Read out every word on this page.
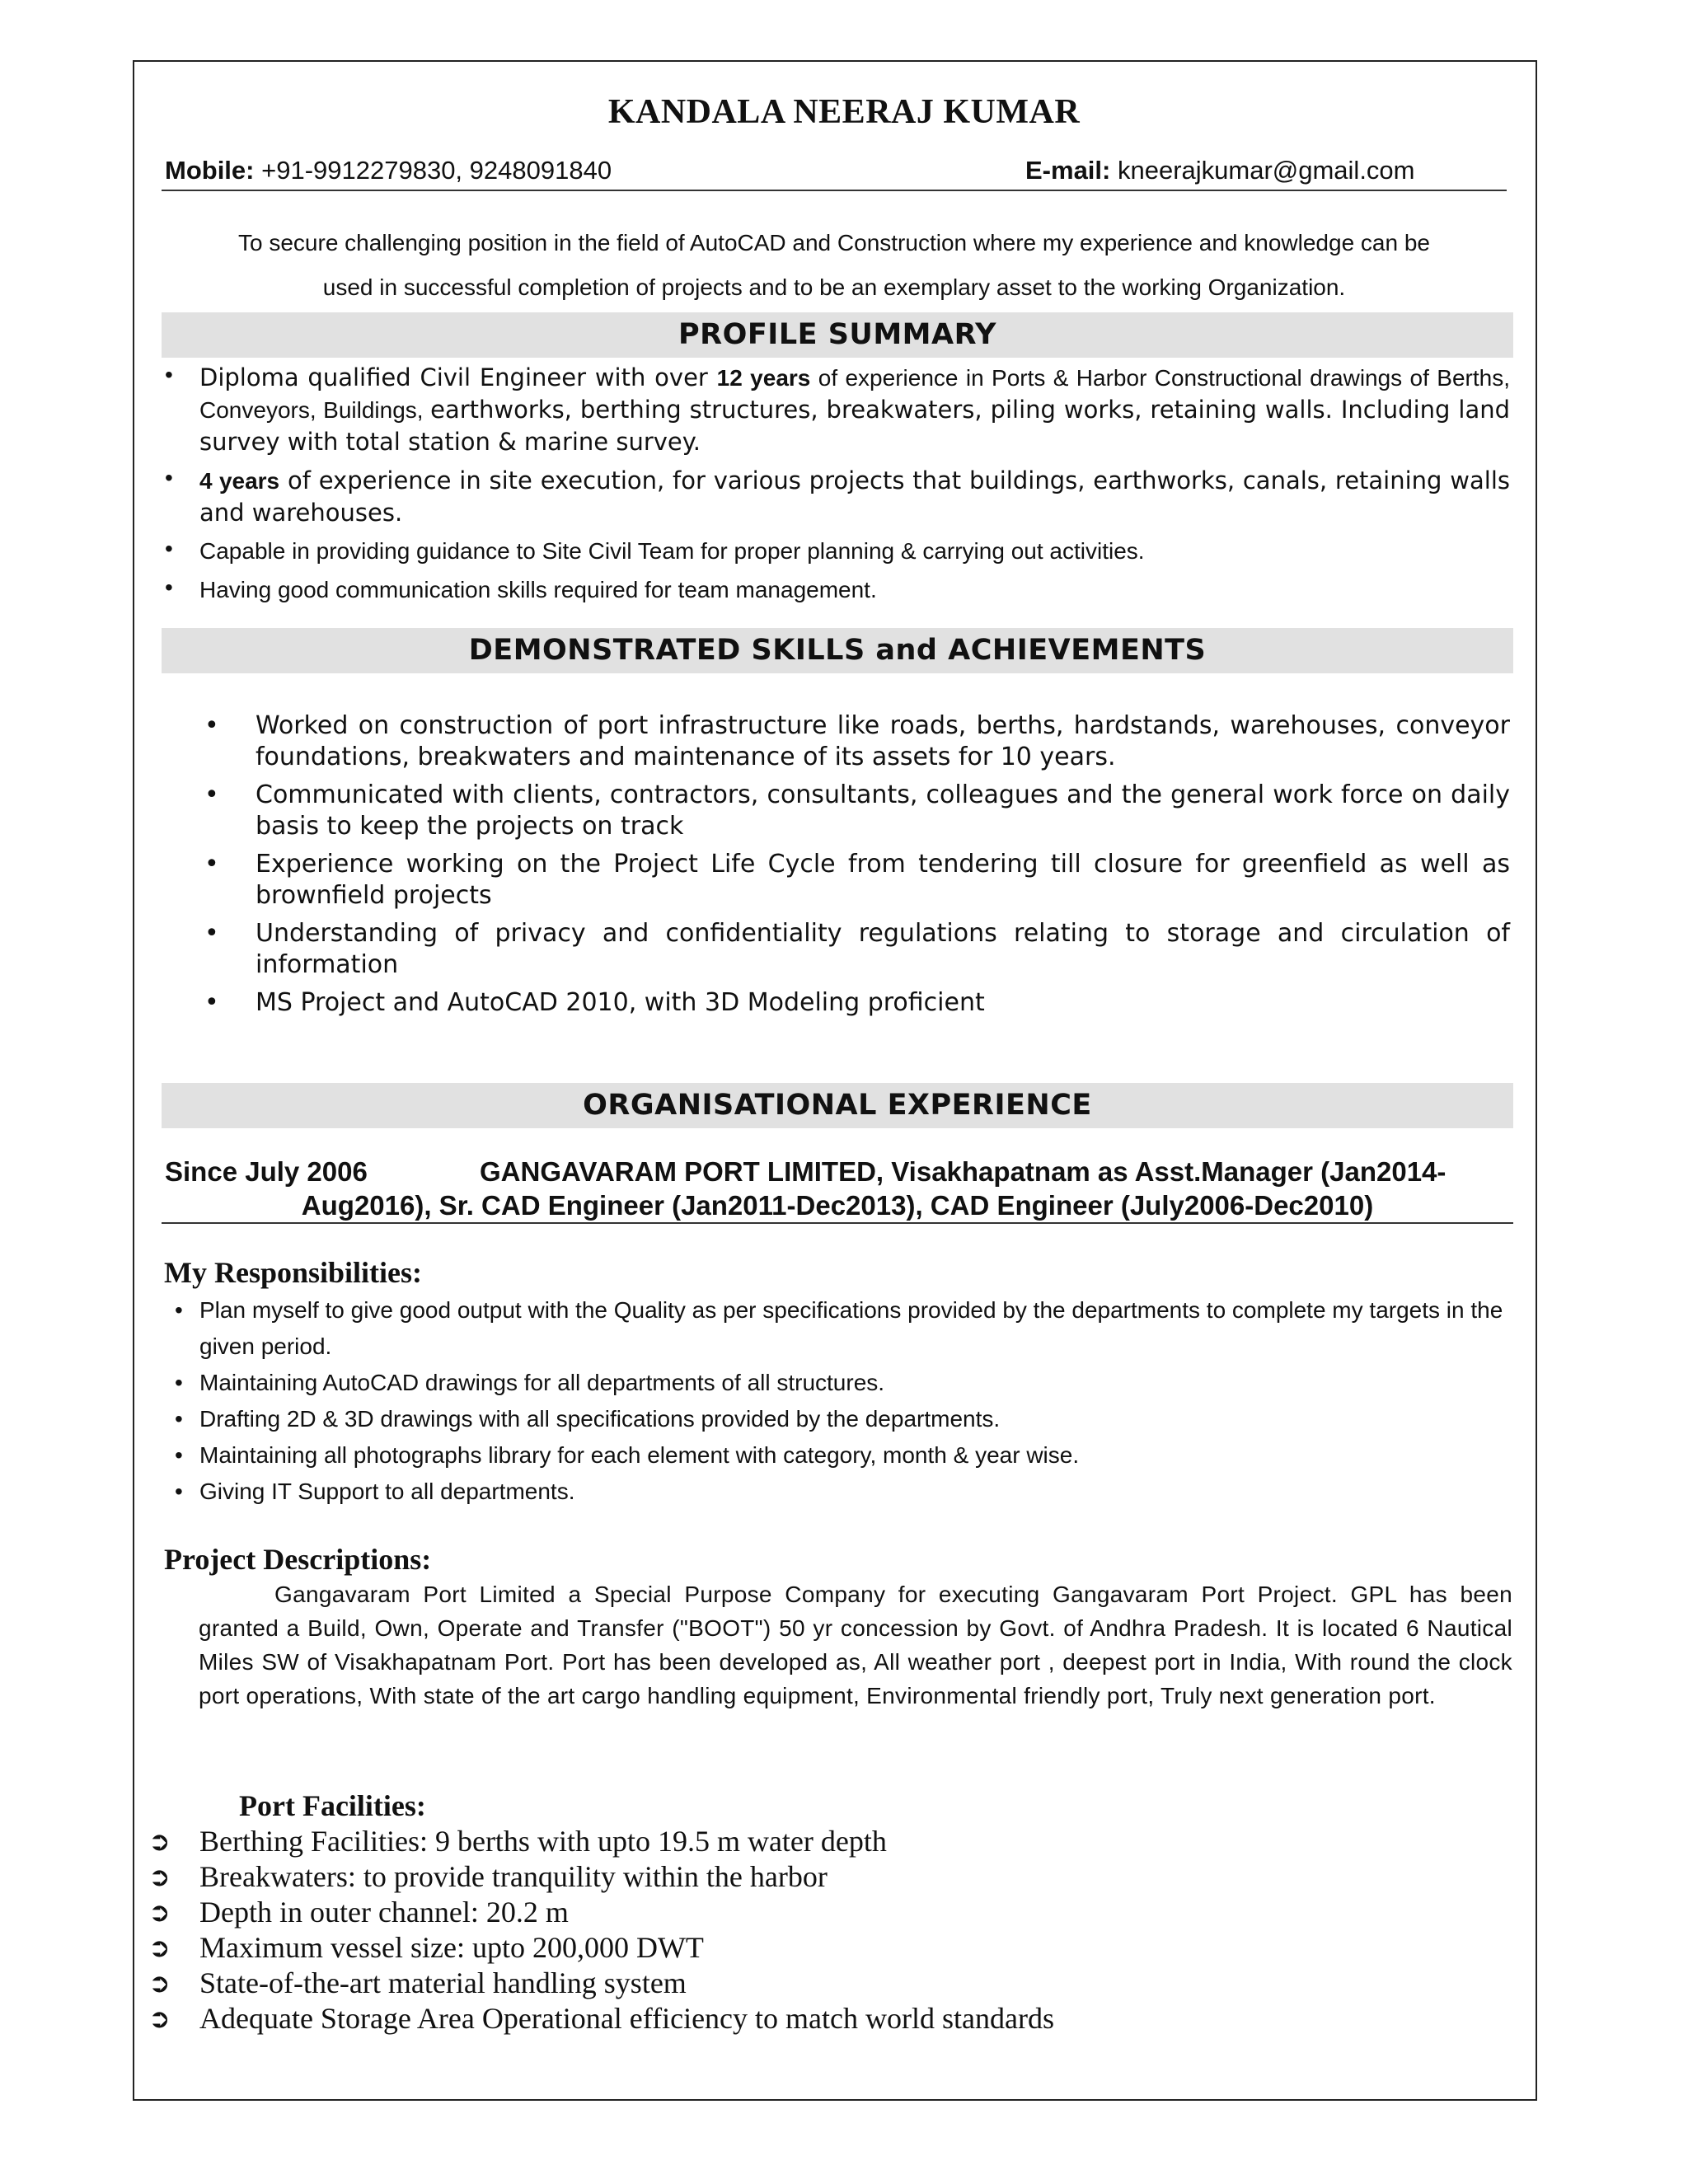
KANDALA NEERAJ KUMAR
Mobile: +91-9912279830, 9248091840	E-mail: kneerajkumar@gmail.com
To secure challenging position in the field of AutoCAD and Construction where my experience and knowledge can be
used in successful completion of projects and to be an exemplary asset to the working Organization.
PROFILE SUMMARY
• Diploma qualified Civil Engineer with over 12 years of experience in Ports & Harbor Constructional drawings of Berths, Conveyors, Buildings, earthworks, berthing structures, breakwaters, piling works, retaining walls. Including land survey with total station & marine survey.
• 4 years of experience in site execution, for various projects that buildings, earthworks, canals, retaining walls and warehouses.
• Capable in providing guidance to Site Civil Team for proper planning & carrying out activities.
• Having good communication skills required for team management.
DEMONSTRATED SKILLS and ACHIEVEMENTS
• Worked on construction of port infrastructure like roads, berths, hardstands, warehouses, conveyor foundations, breakwaters and maintenance of its assets for 10 years.
• Communicated with clients, contractors, consultants, colleagues and the general work force on daily basis to keep the projects on track
• Experience working on the Project Life Cycle from tendering till closure for greenfield as well as brownfield projects
• Understanding of privacy and confidentiality regulations relating to storage and circulation of information
• MS Project and AutoCAD 2010, with 3D Modeling proficient
ORGANISATIONAL EXPERIENCE
Since July 2006	GANGAVARAM PORT LIMITED, Visakhapatnam as Asst.Manager (Jan2014-
Aug2016), Sr. CAD Engineer (Jan2011-Dec2013), CAD Engineer (July2006-Dec2010)
My Responsibilities:
• Plan myself to give good output with the Quality as per specifications provided by the departments to complete my targets in the given period.
• Maintaining AutoCAD drawings for all departments of all structures.
• Drafting 2D & 3D drawings with all specifications provided by the departments.
• Maintaining all photographs library for each element with category, month & year wise.
• Giving IT Support to all departments.
Project Descriptions:
Gangavaram Port Limited a Special Purpose Company for executing Gangavaram Port Project. GPL has been granted a Build, Own, Operate and Transfer ("BOOT") 50 yr concession by Govt. of Andhra Pradesh. It is located 6 Nautical Miles SW of Visakhapatnam Port. Port has been developed as, All weather port , deepest port in India, With round the clock port operations, With state of the art cargo handling equipment, Environmental friendly port, Truly next generation port.
Port Facilities:
➲ Berthing Facilities: 9 berths with upto 19.5 m water depth
➲ Breakwaters: to provide tranquility within the harbor
➲ Depth in outer channel: 20.2 m
➲ Maximum vessel size: upto 200,000 DWT
➲ State-of-the-art material handling system
➲ Adequate Storage Area Operational efficiency to match world standards
